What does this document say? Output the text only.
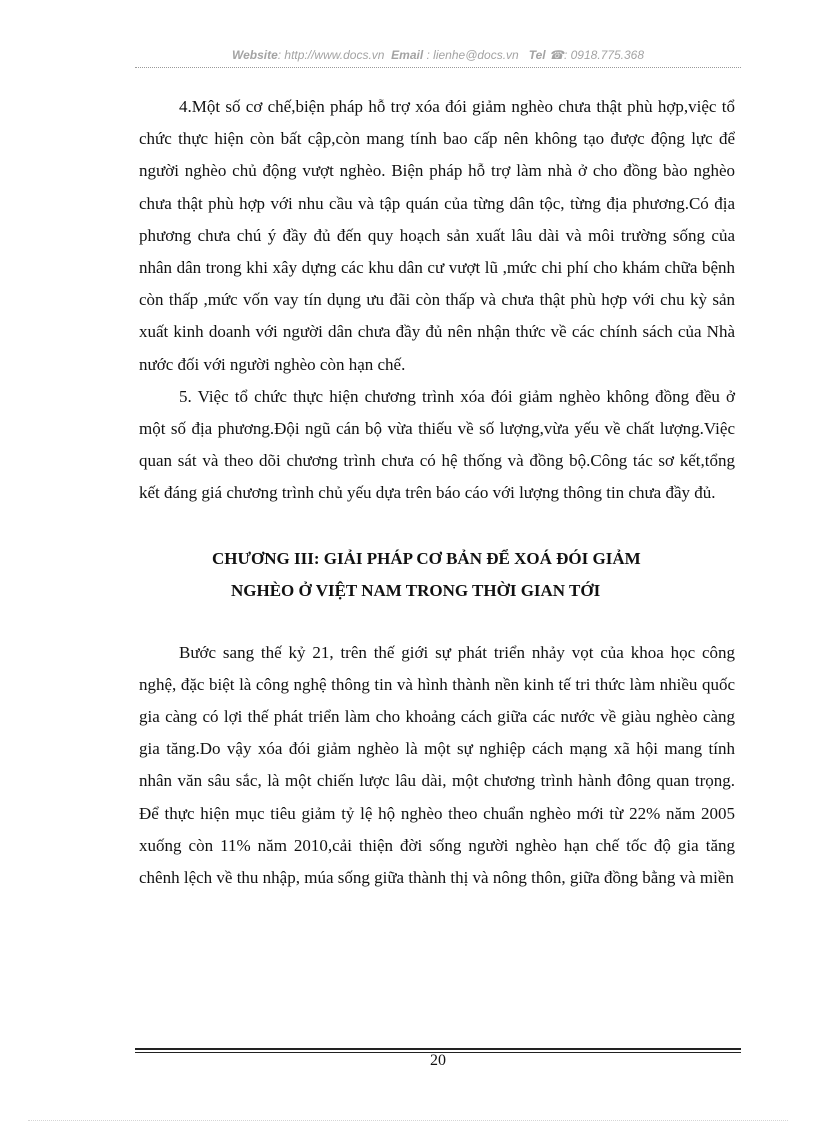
Website: http://www.docs.vn Email : lienhe@docs.vn Tel ☎: 0918.775.368

4.Một số cơ chế,biện pháp hỗ trợ xóa đói giảm nghèo chưa thật phù hợp,việc tổ chức thực hiện còn bất cập,còn mang tính bao cấp nên không tạo được động lực để người nghèo chủ động vượt nghèo. Biện pháp hỗ trợ làm nhà ở cho đồng bào nghèo chưa thật phù hợp với nhu cầu và tập quán của từng dân tộc, từng địa phương.Có địa phương chưa chú ý đầy đủ đến quy hoạch sản xuất lâu dài và môi trường sống của nhân dân trong khi xây dựng các khu dân cư vượt lũ ,mức chi phí cho khám chữa bệnh còn thấp ,mức vốn vay tín dụng ưu đãi còn thấp và chưa thật phù hợp với chu kỳ sản xuất kinh doanh với người dân chưa đầy đủ nên nhận thức về các chính sách của Nhà nước đối với người nghèo còn hạn chế.

5. Việc tổ chức thực hiện chương trình xóa đói giảm nghèo không đồng đều ở một số địa phương.Đội ngũ cán bộ vừa thiếu về số lượng,vừa yếu về chất lượng.Việc quan sát và theo dõi chương trình chưa có hệ thống và đồng bộ.Công tác sơ kết,tổng kết đáng giá chương trình chủ yếu dựa trên báo cáo với lượng thông tin chưa đầy đủ.

CHƯƠNG III: GIẢI PHÁP CƠ BẢN ĐỂ XOÁ ĐÓI GIẢM
NGHÈO Ở VIỆT NAM TRONG THỜI GIAN TỚI

Bước sang thế kỷ 21, trên thế giới sự phát triển nhảy vọt của khoa học công nghệ, đặc biệt là công nghệ thông tin và hình thành nền kinh tế tri thức làm nhiều quốc gia càng có lợi thế phát triển làm cho khoảng cách giữa các nước về giàu nghèo càng gia tăng.Do vậy xóa đói giảm nghèo là một sự nghiệp cách mạng xã hội mang tính nhân văn sâu sắc, là một chiến lược lâu dài, một chương trình hành đông quan trọng. Để thực hiện mục tiêu giảm tỷ lệ hộ nghèo theo chuẩn nghèo mới từ 22% năm 2005 xuống còn 11% năm 2010,cải thiện đời sống người nghèo hạn chế tốc độ gia tăng chênh lệch về thu nhập, múa sống giữa thành thị và nông thôn, giữa đồng bằng và miền

20
